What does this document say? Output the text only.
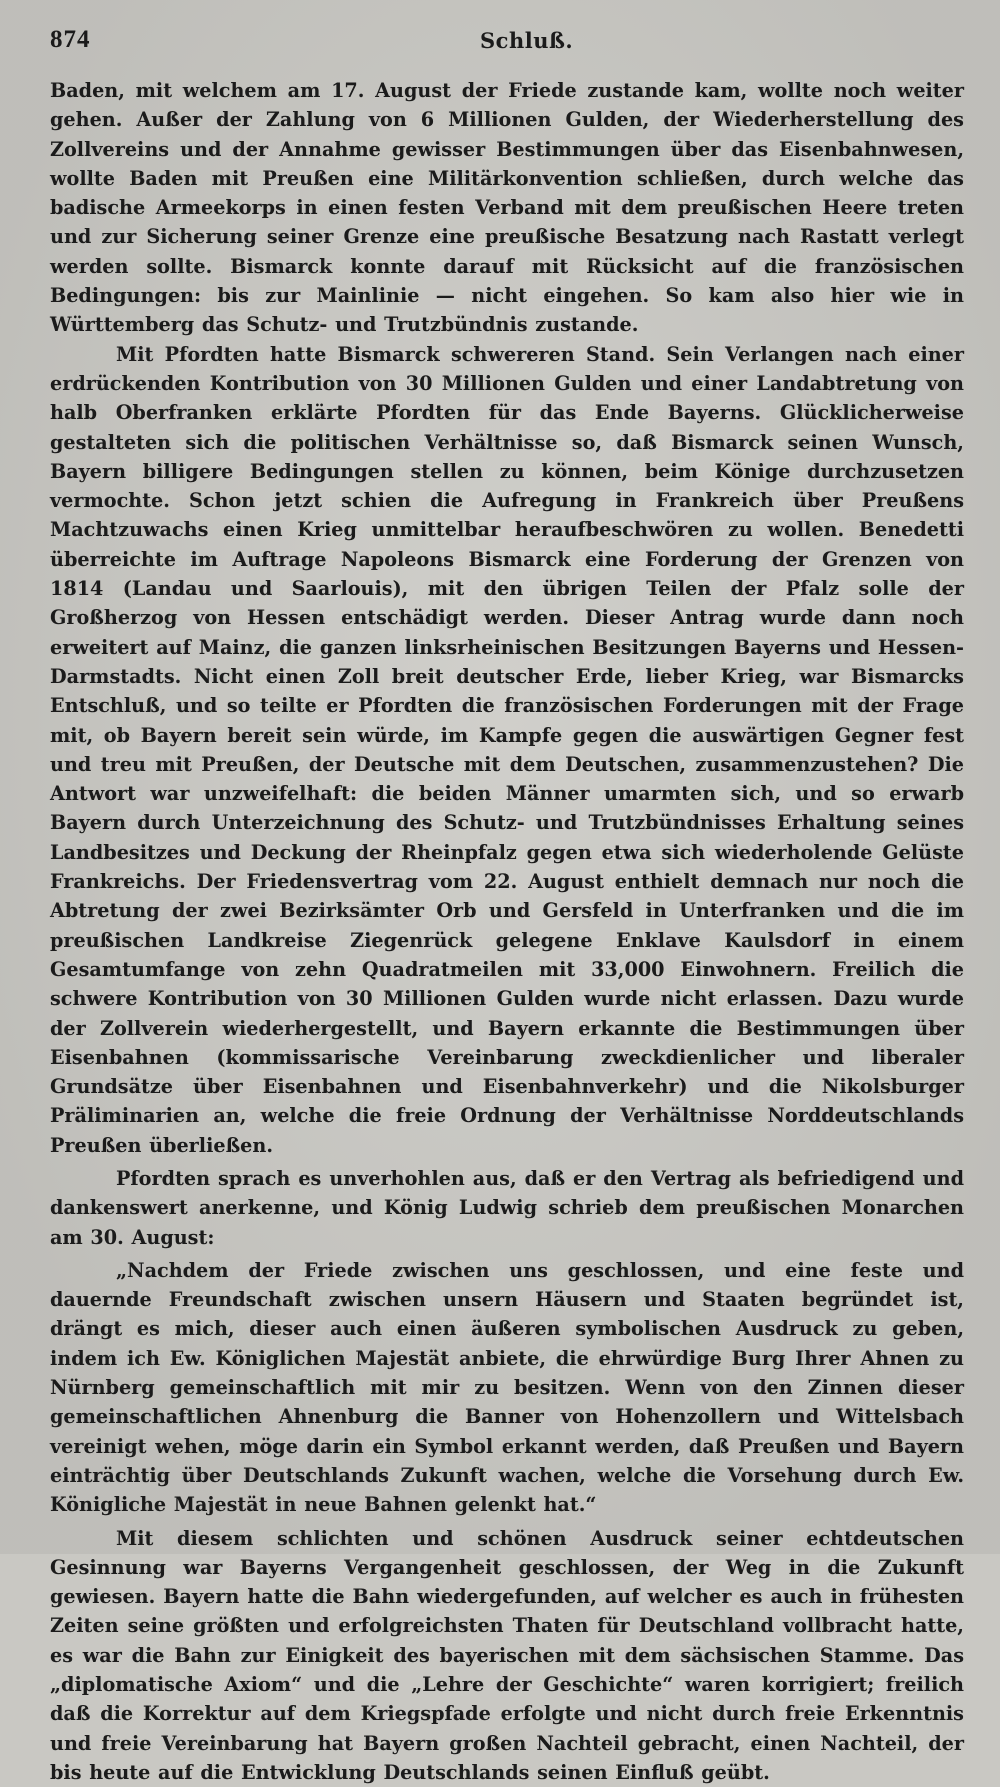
874	Schluß.

Baden, mit welchem am 17. August der Friede zustande kam, wollte noch weiter gehen. Außer der Zahlung von 6 Millionen Gulden, der Wiederherstellung des Zollvereins und der Annahme gewisser Bestimmungen über das Eisenbahnwesen, wollte Baden mit Preußen eine Militärkonvention schließen, durch welche das badische Armeekorps in einen festen Verband mit dem preußischen Heere treten und zur Sicherung seiner Grenze eine preußische Besatzung nach Rastatt verlegt werden sollte. Bismarck konnte darauf mit Rücksicht auf die französischen Bedingungen: bis zur Mainlinie — nicht eingehen. So kam also hier wie in Württemberg das Schutz- und Trutzbündnis zustande.

Mit Pfordten hatte Bismarck schwereren Stand. Sein Verlangen nach einer erdrückenden Kontribution von 30 Millionen Gulden und einer Landabtretung von halb Oberfranken erklärte Pfordten für das Ende Bayerns. Glücklicherweise gestalteten sich die politischen Verhältnisse so, daß Bismarck seinen Wunsch, Bayern billigere Bedingungen stellen zu können, beim Könige durchzusetzen vermochte. Schon jetzt schien die Aufregung in Frankreich über Preußens Machtzuwachs einen Krieg unmittelbar heraufbeschwören zu wollen. Benedetti überreichte im Auftrage Napoleons Bismarck eine Forderung der Grenzen von 1814 (Landau und Saarlouis), mit den übrigen Teilen der Pfalz solle der Großherzog von Hessen entschädigt werden. Dieser Antrag wurde dann noch erweitert auf Mainz, die ganzen linksrheinischen Besitzungen Bayerns und Hessen-Darmstadts. Nicht einen Zoll breit deutscher Erde, lieber Krieg, war Bismarcks Entschluß, und so teilte er Pfordten die französischen Forderungen mit der Frage mit, ob Bayern bereit sein würde, im Kampfe gegen die auswärtigen Gegner fest und treu mit Preußen, der Deutsche mit dem Deutschen, zusammenzustehen? Die Antwort war unzweifelhaft: die beiden Männer umarmten sich, und so erwarb Bayern durch Unterzeichnung des Schutz- und Trutzbündnisses Erhaltung seines Landbesitzes und Deckung der Rheinpfalz gegen etwa sich wiederholende Gelüste Frankreichs. Der Friedensvertrag vom 22. August enthielt demnach nur noch die Abtretung der zwei Bezirksämter Orb und Gersfeld in Unterfranken und die im preußischen Landkreise Ziegenrück gelegene Enklave Kaulsdorf in einem Gesamtumfange von zehn Quadratmeilen mit 33,000 Einwohnern. Freilich die schwere Kontribution von 30 Millionen Gulden wurde nicht erlassen. Dazu wurde der Zollverein wiederhergestellt, und Bayern erkannte die Bestimmungen über Eisenbahnen (kommissarische Vereinbarung zweckdienlicher und liberaler Grundsätze über Eisenbahnen und Eisenbahnverkehr) und die Nikolsburger Präliminarien an, welche die freie Ordnung der Verhältnisse Norddeutschlands Preußen überließen.

Pfordten sprach es unverhohlen aus, daß er den Vertrag als befriedigend und dankenswert anerkenne, und König Ludwig schrieb dem preußischen Monarchen am 30. August:

„Nachdem der Friede zwischen uns geschlossen, und eine feste und dauernde Freundschaft zwischen unsern Häusern und Staaten begründet ist, drängt es mich, dieser auch einen äußeren symbolischen Ausdruck zu geben, indem ich Ew. Königlichen Majestät anbiete, die ehrwürdige Burg Ihrer Ahnen zu Nürnberg gemeinschaftlich mit mir zu besitzen. Wenn von den Zinnen dieser gemeinschaftlichen Ahnenburg die Banner von Hohenzollern und Wittelsbach vereinigt wehen, möge darin ein Symbol erkannt werden, daß Preußen und Bayern einträchtig über Deutschlands Zukunft wachen, welche die Vorsehung durch Ew. Königliche Majestät in neue Bahnen gelenkt hat.“

Mit diesem schlichten und schönen Ausdruck seiner echtdeutschen Gesinnung war Bayerns Vergangenheit geschlossen, der Weg in die Zukunft gewiesen. Bayern hatte die Bahn wiedergefunden, auf welcher es auch in frühesten Zeiten seine größten und erfolgreichsten Thaten für Deutschland vollbracht hatte, es war die Bahn zur Einigkeit des bayerischen mit dem sächsischen Stamme. Das „diplomatische Axiom“ und die „Lehre der Geschichte“ waren korrigiert; freilich daß die Korrektur auf dem Kriegspfade erfolgte und nicht durch freie Erkenntnis und freie Vereinbarung hat Bayern großen Nachteil gebracht, einen Nachteil, der bis heute auf die Entwicklung Deutschlands seinen Einfluß geübt.
